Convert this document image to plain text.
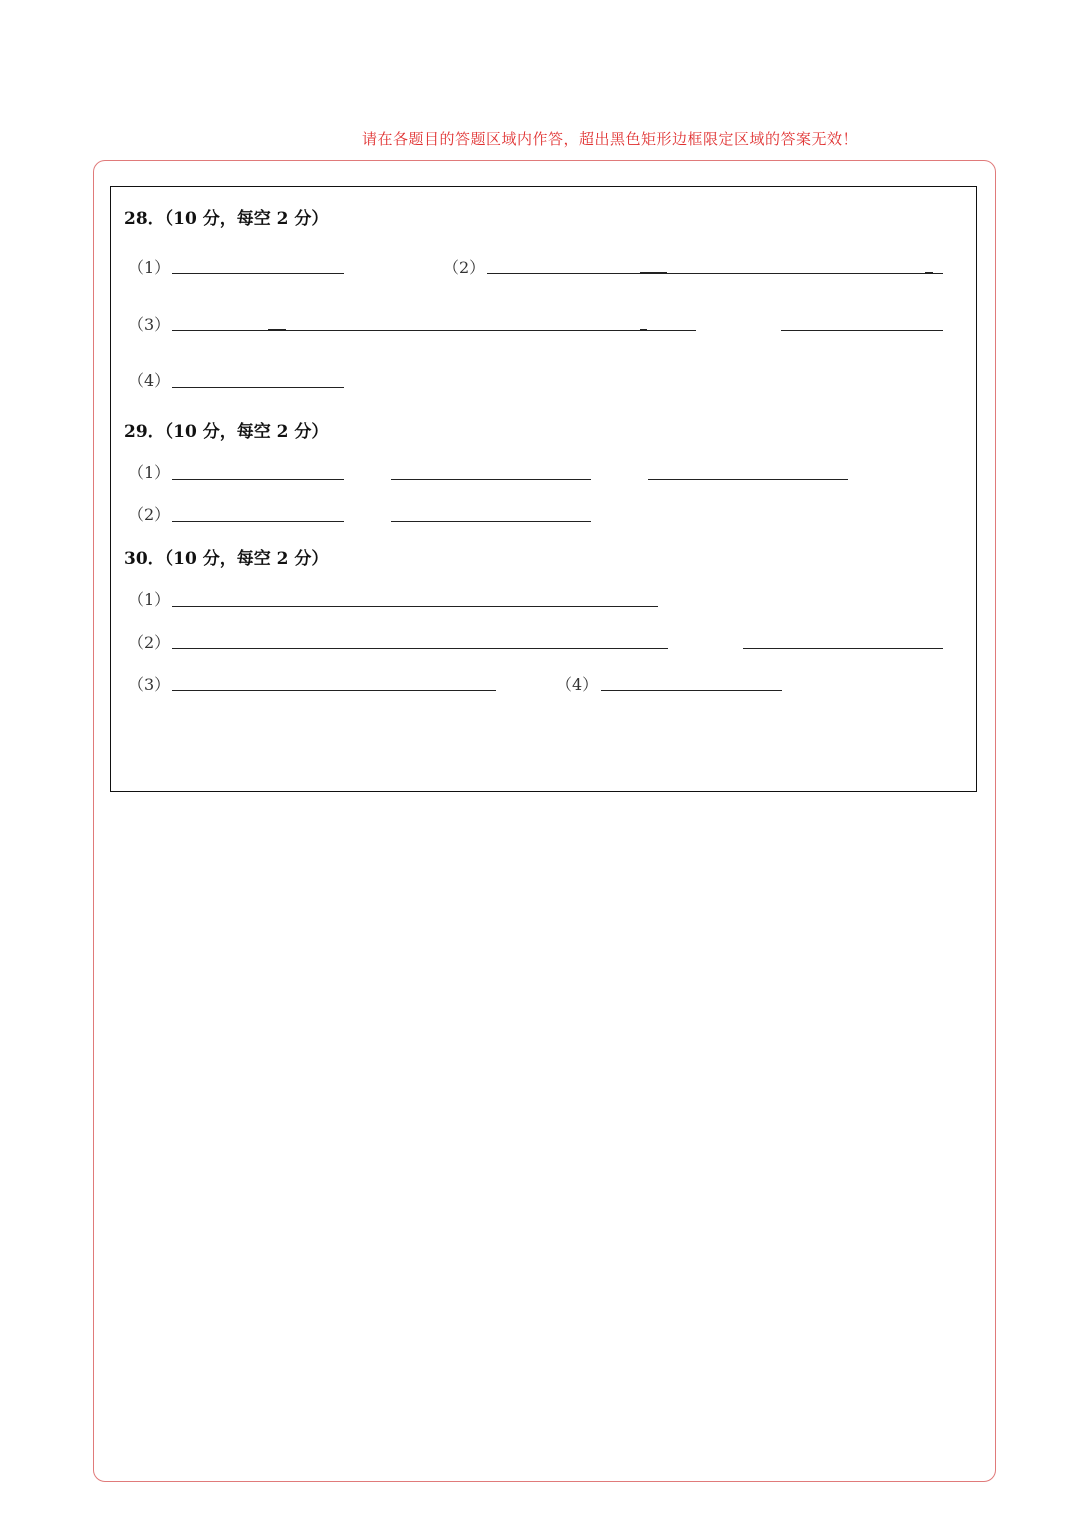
请在各题目的答题区域内作答，超出黑色矩形边框限定区域的答案无效！
28．（10 分，每空 2 分）
（1）	（2）
（3）
（4）
29．（10 分，每空 2 分）
（1）
（2）
30．（10 分，每空 2 分）
（1）
（2）
（3）	（4）
